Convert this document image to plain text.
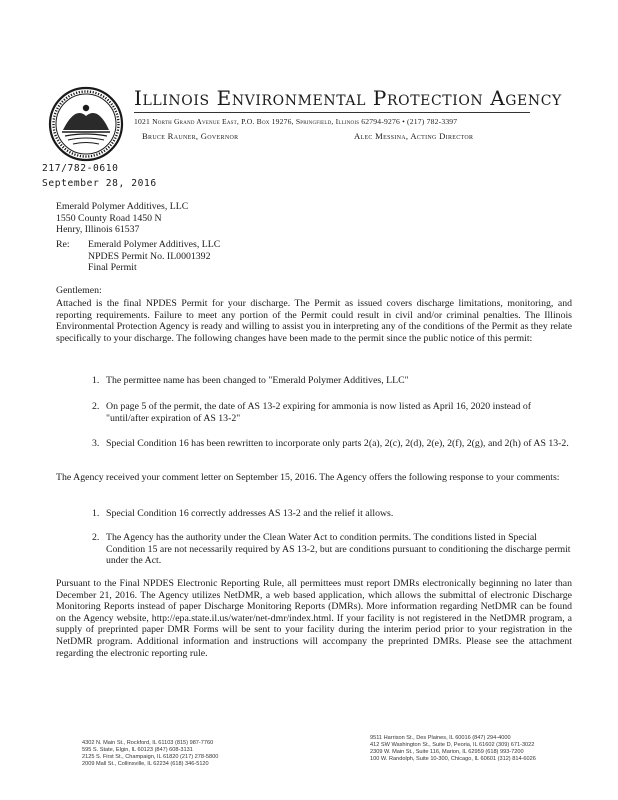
Illinois Environmental Protection Agency
1021 North Grand Avenue East, P.O. Box 19276, Springfield, Illinois 62794-9276 • (217) 782-3397
Bruce Rauner, Governor	Alec Messina, Acting Director
217/782-0610
September 28, 2016
Emerald Polymer Additives, LLC
1550 County Road 1450 N
Henry, Illinois 61537
Re: Emerald Polymer Additives, LLC
NPDES Permit No. IL0001392
Final Permit
Gentlemen:
Attached is the final NPDES Permit for your discharge. The Permit as issued covers discharge limitations, monitoring, and reporting requirements. Failure to meet any portion of the Permit could result in civil and/or criminal penalties. The Illinois Environmental Protection Agency is ready and willing to assist you in interpreting any of the conditions of the Permit as they relate specifically to your discharge. The following changes have been made to the permit since the public notice of this permit:
1. The permittee name has been changed to "Emerald Polymer Additives, LLC"
2. On page 5 of the permit, the date of AS 13-2 expiring for ammonia is now listed as April 16, 2020 instead of "until/after expiration of AS 13-2"
3. Special Condition 16 has been rewritten to incorporate only parts 2(a), 2(c), 2(d), 2(e), 2(f), 2(g), and 2(h) of AS 13-2.
The Agency received your comment letter on September 15, 2016. The Agency offers the following response to your comments:
1. Special Condition 16 correctly addresses AS 13-2 and the relief it allows.
2. The Agency has the authority under the Clean Water Act to condition permits. The conditions listed in Special Condition 15 are not necessarily required by AS 13-2, but are conditions pursuant to conditioning the discharge permit under the Act.
Pursuant to the Final NPDES Electronic Reporting Rule, all permittees must report DMRs electronically beginning no later than December 21, 2016. The Agency utilizes NetDMR, a web based application, which allows the submittal of electronic Discharge Monitoring Reports instead of paper Discharge Monitoring Reports (DMRs). More information regarding NetDMR can be found on the Agency website, http://epa.state.il.us/water/net-dmr/index.html. If your facility is not registered in the NetDMR program, a supply of preprinted paper DMR Forms will be sent to your facility during the interim period prior to your registration in the NetDMR program. Additional information and instructions will accompany the preprinted DMRs. Please see the attachment regarding the electronic reporting rule.
4302 N. Main St., Rockford, IL 61103 (815) 987-7760
595 S. State, Elgin, IL 60123 (847) 608-3131
2125 S. First St., Champaign, IL 61820 (217) 278-5800
2009 Mall St., Collinsville, IL 62234 (618) 346-5120
9511 Harrison St., Des Plaines, IL 60016 (847) 294-4000
412 SW Washington St., Suite D, Peoria, IL 61602 (309) 671-3022
2309 W. Main St., Suite 116, Marion, IL 62959 (618) 993-7200
100 W. Randolph, Suite 10-300, Chicago, IL 60601 (312) 814-6026
